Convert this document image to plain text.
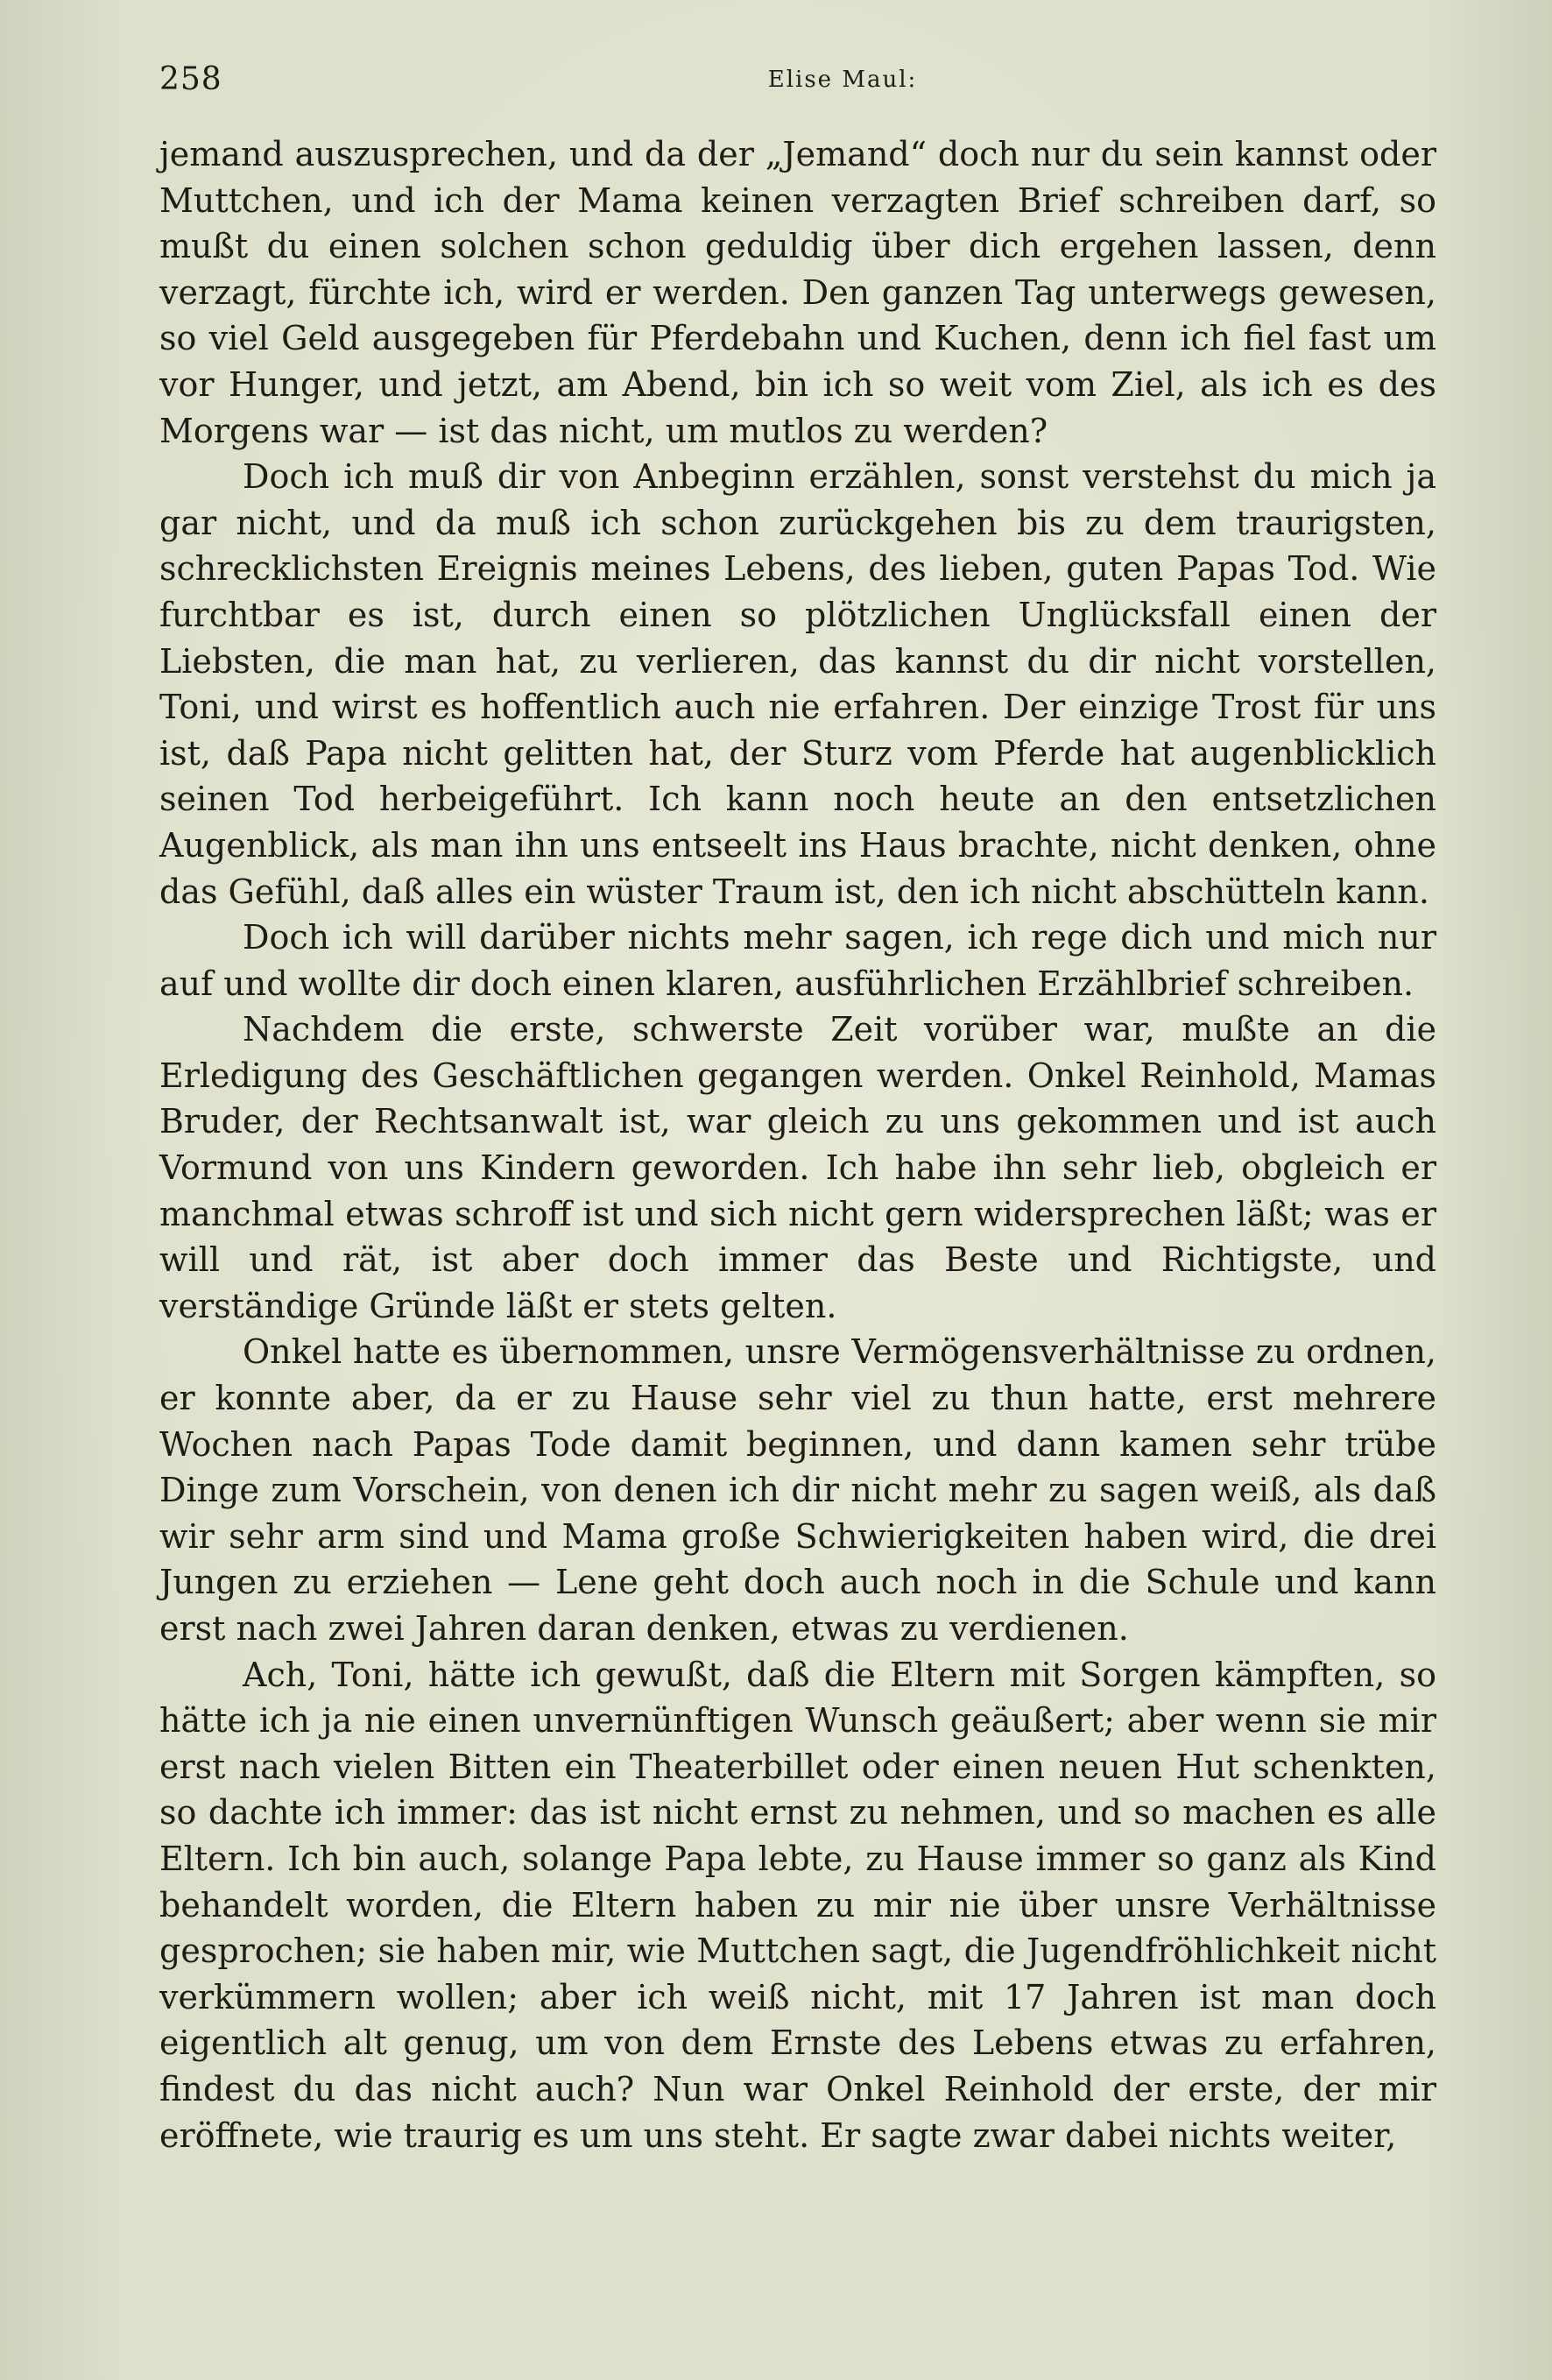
258	Elise Maul:

jemand auszusprechen, und da der „Jemand“ doch nur du sein kannst oder Muttchen, und ich der Mama keinen verzagten Brief schreiben darf, so mußt du einen solchen schon geduldig über dich ergehen lassen, denn verzagt, fürchte ich, wird er werden. Den ganzen Tag unterwegs gewesen, so viel Geld ausgegeben für Pferdebahn und Kuchen, denn ich fiel fast um vor Hunger, und jetzt, am Abend, bin ich so weit vom Ziel, als ich es des Morgens war — ist das nicht, um mutlos zu werden?

Doch ich muß dir von Anbeginn erzählen, sonst verstehst du mich ja gar nicht, und da muß ich schon zurückgehen bis zu dem traurigsten, schrecklichsten Ereignis meines Lebens, des lieben, guten Papas Tod. Wie furchtbar es ist, durch einen so plötzlichen Unglücksfall einen der Liebsten, die man hat, zu verlieren, das kannst du dir nicht vorstellen, Toni, und wirst es hoffentlich auch nie erfahren. Der einzige Trost für uns ist, daß Papa nicht gelitten hat, der Sturz vom Pferde hat augenblicklich seinen Tod herbeigeführt. Ich kann noch heute an den entsetzlichen Augenblick, als man ihn uns entseelt ins Haus brachte, nicht denken, ohne das Gefühl, daß alles ein wüster Traum ist, den ich nicht abschütteln kann.

Doch ich will darüber nichts mehr sagen, ich rege dich und mich nur auf und wollte dir doch einen klaren, ausführlichen Erzählbrief schreiben.

Nachdem die erste, schwerste Zeit vorüber war, mußte an die Erledigung des Geschäftlichen gegangen werden. Onkel Reinhold, Mamas Bruder, der Rechtsanwalt ist, war gleich zu uns gekommen und ist auch Vormund von uns Kindern geworden. Ich habe ihn sehr lieb, obgleich er manchmal etwas schroff ist und sich nicht gern widersprechen läßt; was er will und rät, ist aber doch immer das Beste und Richtigste, und verständige Gründe läßt er stets gelten.

Onkel hatte es übernommen, unsre Vermögensverhältnisse zu ordnen, er konnte aber, da er zu Hause sehr viel zu thun hatte, erst mehrere Wochen nach Papas Tode damit beginnen, und dann kamen sehr trübe Dinge zum Vorschein, von denen ich dir nicht mehr zu sagen weiß, als daß wir sehr arm sind und Mama große Schwierigkeiten haben wird, die drei Jungen zu erziehen — Lene geht doch auch noch in die Schule und kann erst nach zwei Jahren daran denken, etwas zu verdienen.

Ach, Toni, hätte ich gewußt, daß die Eltern mit Sorgen kämpften, so hätte ich ja nie einen unvernünftigen Wunsch geäußert; aber wenn sie mir erst nach vielen Bitten ein Theaterbillet oder einen neuen Hut schenkten, so dachte ich immer: das ist nicht ernst zu nehmen, und so machen es alle Eltern. Ich bin auch, solange Papa lebte, zu Hause immer so ganz als Kind behandelt worden, die Eltern haben zu mir nie über unsre Verhältnisse gesprochen; sie haben mir, wie Muttchen sagt, die Jugendfröhlichkeit nicht verkümmern wollen; aber ich weiß nicht, mit 17 Jahren ist man doch eigentlich alt genug, um von dem Ernste des Lebens etwas zu erfahren, findest du das nicht auch? Nun war Onkel Reinhold der erste, der mir eröffnete, wie traurig es um uns steht. Er sagte zwar dabei nichts weiter,
